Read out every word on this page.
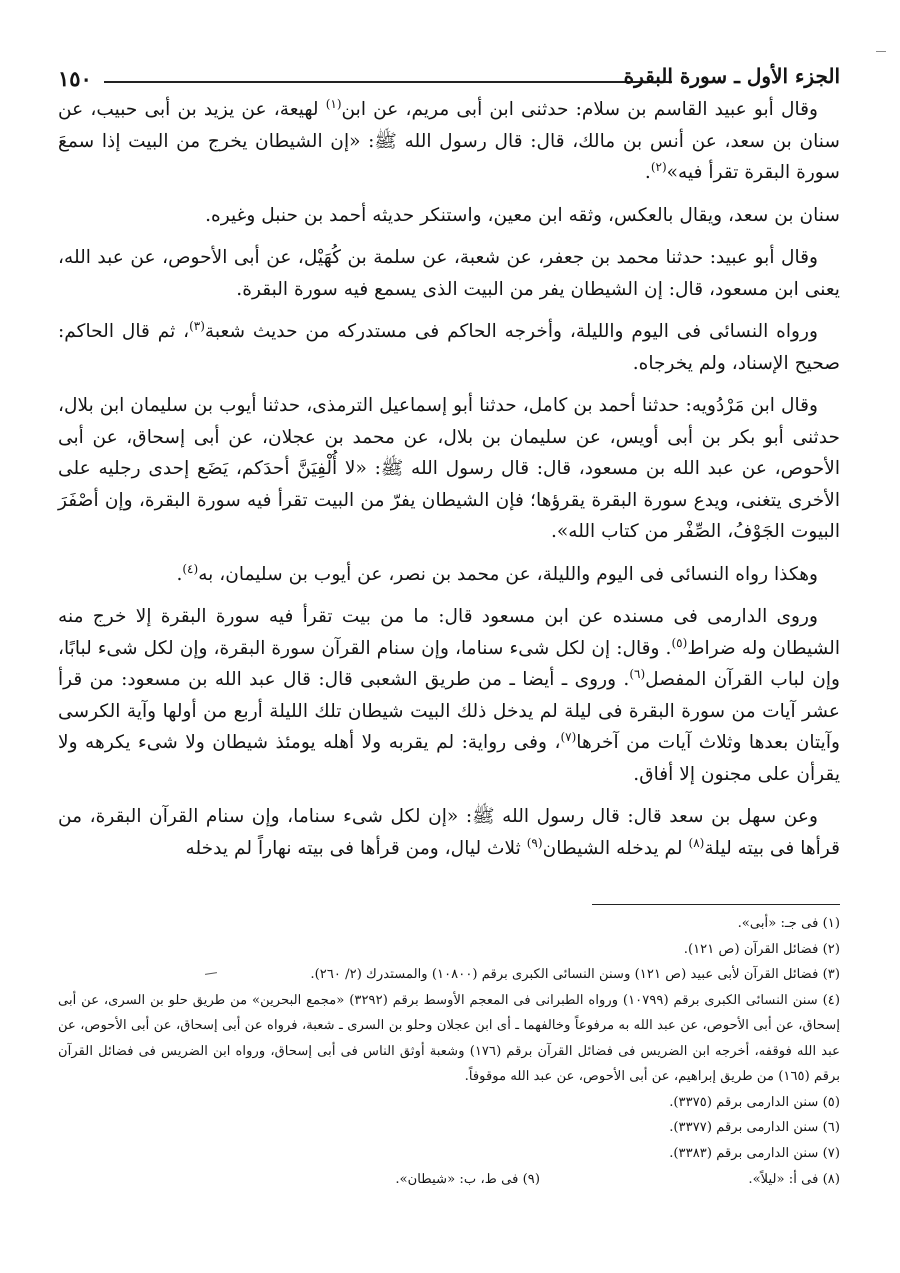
١٥٠	الجزء الأول ـ سورة البقرة

وقال أبو عبيد القاسم بن سلام: حدثنى ابن أبى مريم، عن ابن$^{(١)}$ لهيعة، عن يزيد بن أبى حبيب، عن سنان بن سعد، عن أنس بن مالك، قال: قال رسول الله ﷺ: «إن الشيطان يخرج من البيت إذا سمعَ سورة البقرة تقرأ فيه»$^{(٢)}$.

سنان بن سعد، ويقال بالعكس، وثقه ابن معين، واستنكر حديثه أحمد بن حنبل وغيره.

وقال أبو عبيد: حدثنا محمد بن جعفر، عن شعبة، عن سلمة بن كُهَيْل، عن أبى الأحوص، عن عبد الله، يعنى ابن مسعود، قال: إن الشيطان يفر من البيت الذى يسمع فيه سورة البقرة.

ورواه النسائى فى اليوم والليلة، وأخرجه الحاكم فى مستدركه من حديث شعبة$^{(٣)}$، ثم قال الحاكم: صحيح الإسناد، ولم يخرجاه.

وقال ابن مَرْدُويه: حدثنا أحمد بن كامل، حدثنا أبو إسماعيل الترمذى، حدثنا أيوب بن سليمان ابن بلال، حدثنى أبو بكر بن أبى أويس، عن سليمان بن بلال، عن محمد بن عجلان، عن أبى إسحاق، عن أبى الأحوص، عن عبد الله بن مسعود، قال: قال رسول الله ﷺ: «لا أُلْفِيَنَّ أحدَكم، يَضَع إحدى رجليه على الأخرى يتغنى، ويدع سورة البقرة يقرؤها؛ فإن الشيطان يفرّ من البيت تقرأ فيه سورة البقرة، وإن أصْفَرَ البيوت الجَوْفُ، الصِّفْر من كتاب الله».

وهكذا رواه النسائى فى اليوم والليلة، عن محمد بن نصر، عن أيوب بن سليمان، به$^{(٤)}$.

وروى الدارمى فى مسنده عن ابن مسعود قال: ما من بيت تقرأ فيه سورة البقرة إلا خرج منه الشيطان وله ضراط$^{(٥)}$. وقال: إن لكل شىء سناما، وإن سنام القرآن سورة البقرة، وإن لكل شىء لبابًا، وإن لباب القرآن المفصل$^{(٦)}$. وروى ـ أيضا ـ من طريق الشعبى قال: قال عبد الله بن مسعود: من قرأ عشر آيات من سورة البقرة فى ليلة لم يدخل ذلك البيت شيطان تلك الليلة أربع من أولها وآية الكرسى وآيتان بعدها وثلاث آيات من آخرها$^{(٧)}$، وفى رواية: لم يقربه ولا أهله يومئذ شيطان ولا شىء يكرهه ولا يقرأن على مجنون إلا أفاق.

وعن سهل بن سعد قال: قال رسول الله ﷺ: «إن لكل شىء سناما، وإن سنام القرآن البقرة، من قرأها فى بيته ليلة$^{(٨)}$ لم يدخله الشيطان$^{(٩)}$ ثلاث ليال، ومن قرأها فى بيته نهاراً لم يدخله

(١) فى جـ: «أبى».
(٢) فضائل القرآن (ص ١٢١).
(٣) فضائل القرآن لأبى عبيد (ص ١٢١) وسنن النسائى الكبرى برقم (١٠٨٠٠) والمستدرك (٢/ ٢٦٠).
(٤) سنن النسائى الكبرى برقم (١٠٧٩٩) ورواه الطبرانى فى المعجم الأوسط برقم (٣٢٩٢) «مجمع البحرين» من طريق حلو بن السرى، عن أبى إسحاق، عن أبى الأحوص، عن عبد الله به مرفوعاً وخالفهما ـ أى ابن عجلان وحلو بن السرى ـ شعبة، فرواه عن أبى إسحاق، عن أبى الأحوص، عن عبد الله فوقفه، أخرجه ابن الضريس فى فضائل القرآن برقم (١٧٦) وشعبة أوثق الناس فى أبى إسحاق، ورواه ابن الضريس فى فضائل القرآن برقم (١٦٥) من طريق إبراهيم، عن أبى الأحوص، عن عبد الله موقوفاً.
(٥) سنن الدارمى برقم (٣٣٧٥).
(٦) سنن الدارمى برقم (٣٣٧٧).
(٧) سنن الدارمى برقم (٣٣٨٣).
(٨) فى أ: «ليلاً».
(٩) فى ط، ب: «شيطان».
